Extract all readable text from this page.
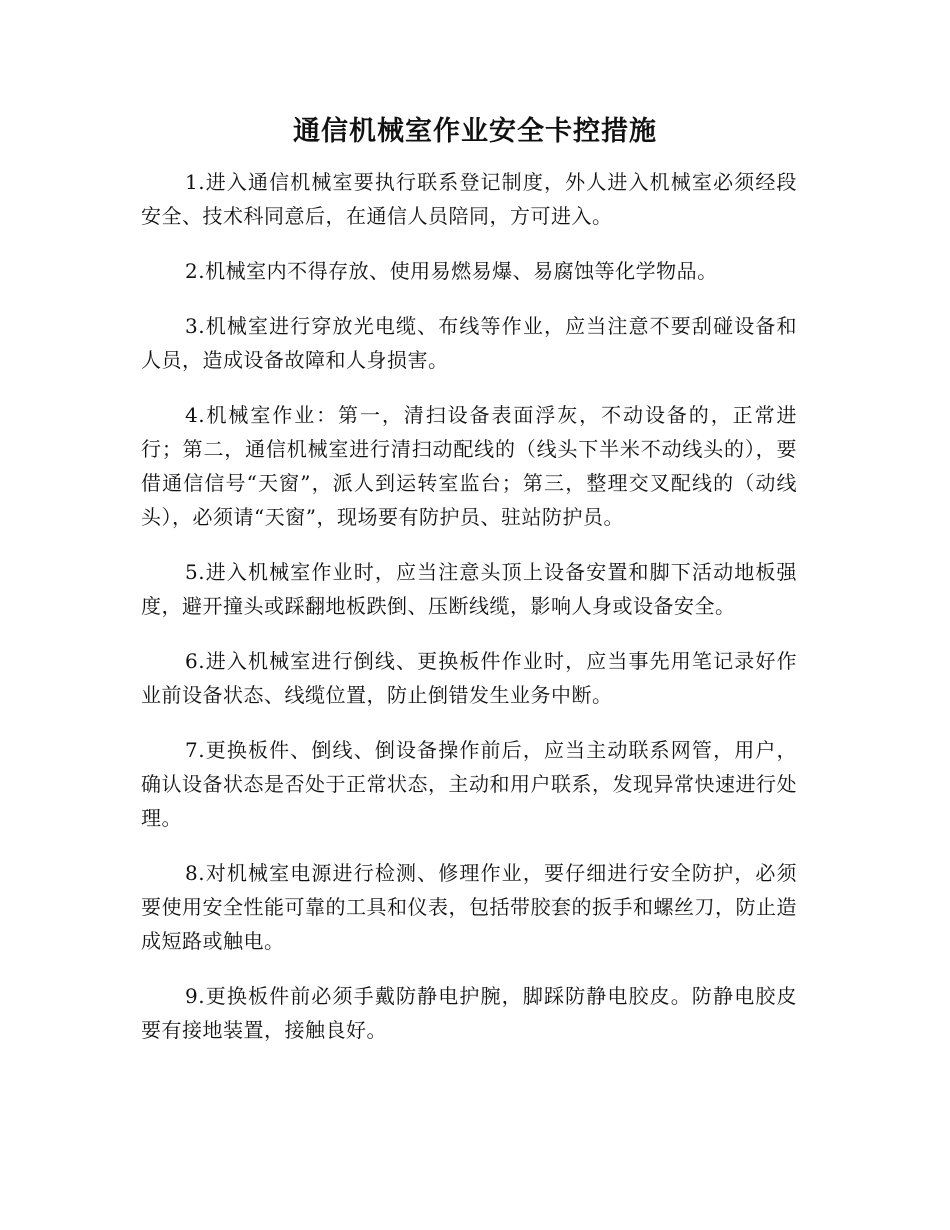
通信机械室作业安全卡控措施

1.进入通信机械室要执行联系登记制度，外人进入机械室必须经段安全、技术科同意后，在通信人员陪同，方可进入。

2.机械室内不得存放、使用易燃易爆、易腐蚀等化学物品。

3.机械室进行穿放光电缆、布线等作业，应当注意不要刮碰设备和人员，造成设备故障和人身损害。

4.机械室作业：第一，清扫设备表面浮灰，不动设备的，正常进行；第二，通信机械室进行清扫动配线的（线头下半米不动线头的），要借通信信号“天窗”，派人到运转室监台；第三，整理交叉配线的（动线头），必须请“天窗”，现场要有防护员、驻站防护员。

5.进入机械室作业时，应当注意头顶上设备安置和脚下活动地板强度，避开撞头或踩翻地板跌倒、压断线缆，影响人身或设备安全。

6.进入机械室进行倒线、更换板件作业时，应当事先用笔记录好作业前设备状态、线缆位置，防止倒错发生业务中断。

7.更换板件、倒线、倒设备操作前后，应当主动联系网管，用户，确认设备状态是否处于正常状态，主动和用户联系，发现异常快速进行处理。

8.对机械室电源进行检测、修理作业，要仔细进行安全防护，必须要使用安全性能可靠的工具和仪表，包括带胶套的扳手和螺丝刀，防止造成短路或触电。

9.更换板件前必须手戴防静电护腕，脚踩防静电胶皮。防静电胶皮要有接地装置，接触良好。
